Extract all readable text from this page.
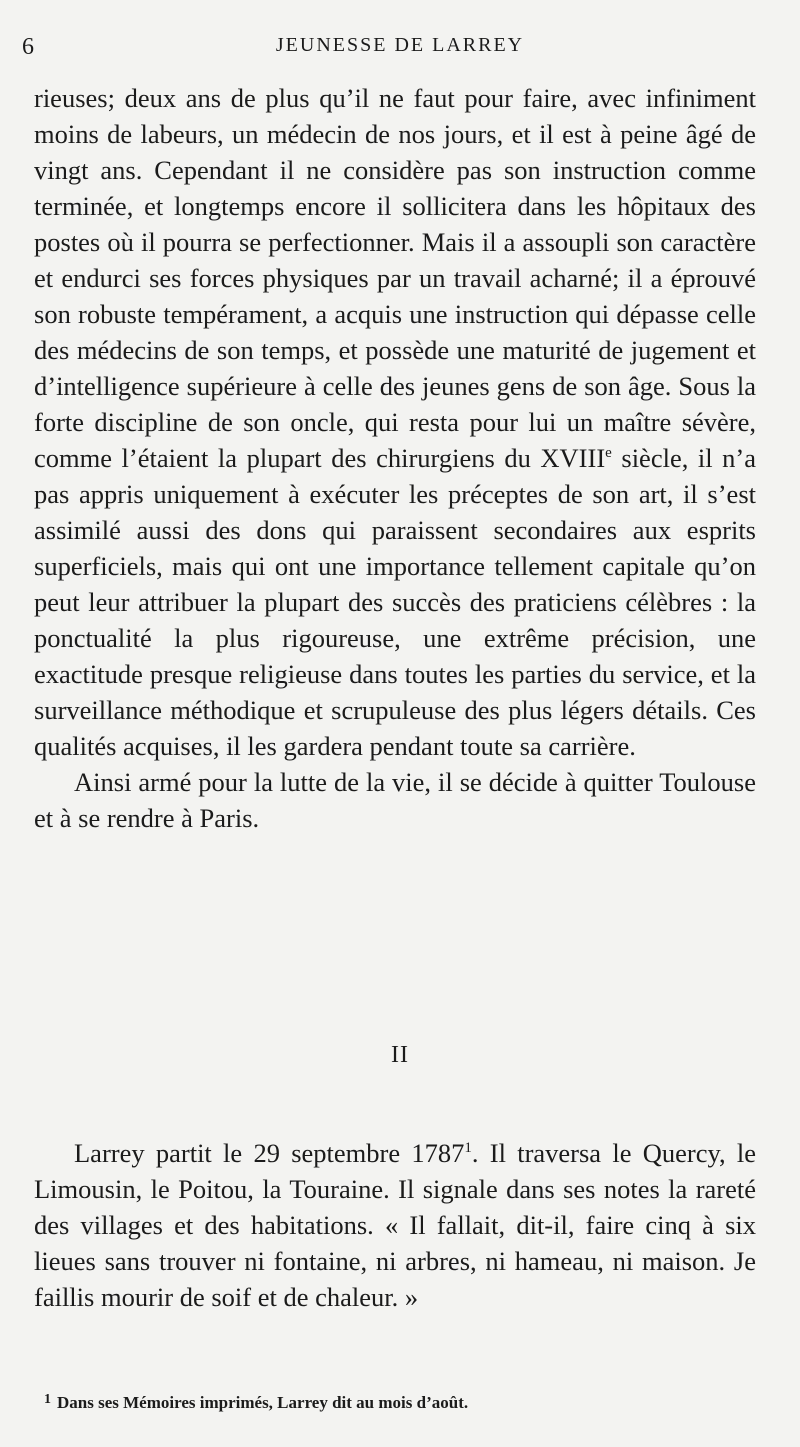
6	JEUNESSE DE LARREY

rieuses; deux ans de plus qu’il ne faut pour faire, avec infiniment moins de labeurs, un médecin de nos jours, et il est à peine âgé de vingt ans. Cependant il ne considère pas son instruction comme terminée, et longtemps encore il sollicitera dans les hôpitaux des postes où il pourra se perfectionner. Mais il a assoupli son caractère et endurci ses forces physiques par un travail acharné; il a éprouvé son robuste tempérament, a acquis une instruction qui dépasse celle des médecins de son temps, et possède une maturité de jugement et d’intelligence supérieure à celle des jeunes gens de son âge. Sous la forte discipline de son oncle, qui resta pour lui un maître sévère, comme l’étaient la plupart des chirurgiens du XVIIIe siècle, il n’a pas appris uniquement à exécuter les préceptes de son art, il s’est assimilé aussi des dons qui paraissent secondaires aux esprits superficiels, mais qui ont une importance tellement capitale qu’on peut leur attribuer la plupart des succès des praticiens célèbres : la ponctualité la plus rigoureuse, une extrême précision, une exactitude presque religieuse dans toutes les parties du service, et la surveillance méthodique et scrupuleuse des plus légers détails. Ces qualités acquises, il les gardera pendant toute sa carrière.

Ainsi armé pour la lutte de la vie, il se décide à quitter Toulouse et à se rendre à Paris.

II

Larrey partit le 29 septembre 1787$^1$. Il traversa le Quercy, le Limousin, le Poitou, la Touraine. Il signale dans ses notes la rareté des villages et des habitations. « Il fallait, dit-il, faire cinq à six lieues sans trouver ni fontaine, ni arbres, ni hameau, ni maison. Je faillis mourir de soif et de chaleur. »

$^1$ Dans ses Mémoires imprimés, Larrey dit au mois d’août.
